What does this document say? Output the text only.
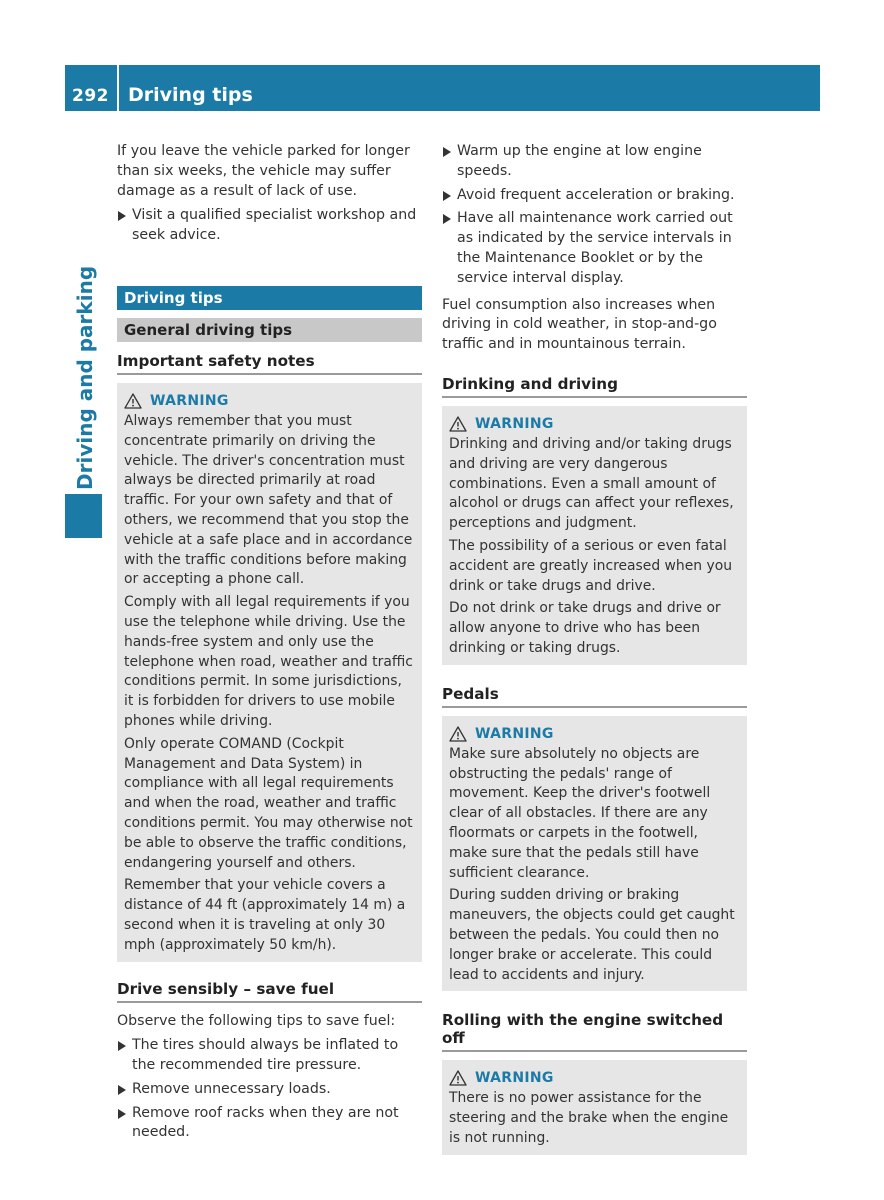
292 Driving tips
Driving and parking

If you leave the vehicle parked for longer than six weeks, the vehicle may suffer damage as a result of lack of use.

Visit a qualified specialist workshop and seek advice.
Driving tips
General driving tips
Important safety notes
WARNING

Always remember that you must concentrate primarily on driving the vehicle. The driver's concentration must always be directed primarily at road traffic. For your own safety and that of others, we recommend that you stop the vehicle at a safe place and in accordance with the traffic conditions before making or accepting a phone call.

Comply with all legal requirements if you use the telephone while driving. Use the hands-free system and only use the telephone when road, weather and traffic conditions permit. In some jurisdictions, it is forbidden for drivers to use mobile phones while driving.

Only operate COMAND (Cockpit Management and Data System) in compliance with all legal requirements and when the road, weather and traffic conditions permit. You may otherwise not be able to observe the traffic conditions, endangering yourself and others.

Remember that your vehicle covers a distance of 44 ft (approximately 14 m) a second when it is traveling at only 30 mph (approximately 50 km/h).

Drive sensibly – save fuel

Observe the following tips to save fuel:

The tires should always be inflated to the recommended tire pressure.
Remove unnecessary loads.
Remove roof racks when they are not needed.
Warm up the engine at low engine speeds.
Avoid frequent acceleration or braking.
Have all maintenance work carried out as indicated by the service intervals in the Maintenance Booklet or by the service interval display.

Fuel consumption also increases when driving in cold weather, in stop-and-go traffic and in mountainous terrain.

Drinking and driving
WARNING

Drinking and driving and/or taking drugs and driving are very dangerous combinations. Even a small amount of alcohol or drugs can affect your reflexes, perceptions and judgment.

The possibility of a serious or even fatal accident are greatly increased when you drink or take drugs and drive.

Do not drink or take drugs and drive or allow anyone to drive who has been drinking or taking drugs.

Pedals
WARNING

Make sure absolutely no objects are obstructing the pedals' range of movement. Keep the driver's footwell clear of all obstacles. If there are any floormats or carpets in the footwell, make sure that the pedals still have sufficient clearance.

During sudden driving or braking maneuvers, the objects could get caught between the pedals. You could then no longer brake or accelerate. This could lead to accidents and injury.

Rolling with the engine switched off
WARNING

There is no power assistance for the steering and the brake when the engine is not running.
